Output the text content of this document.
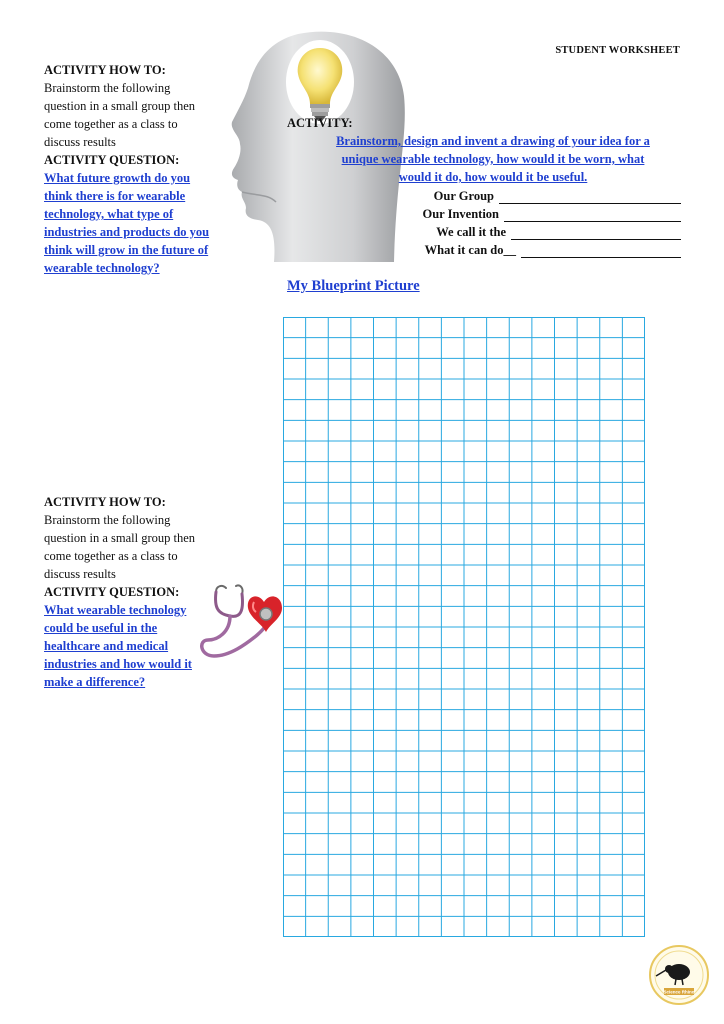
STUDENT WORKSHEET
ACTIVITY HOW TO:
Brainstorm the following
question in a small group then
come together as a class to
discuss results
ACTIVITY QUESTION:
What future growth do you
think there is for wearable
technology, what type of
industries and products do you
think will grow in the future of
wearable technology?
ACTIVITY:
Brainstorm, design and invent a drawing of your idea for a
unique wearable technology, how would it be worn, what
would it do, how would it be useful.
Our Group
Our Invention
We call it the
What it can do__
My Blueprint Picture
ACTIVITY HOW TO:
Brainstorm the following
question in a small group then
come together as a class to
discuss results
ACTIVITY QUESTION:
What wearable technology
could be useful in the
healthcare and medical
industries and how would it
make a difference?
Science Rhino
